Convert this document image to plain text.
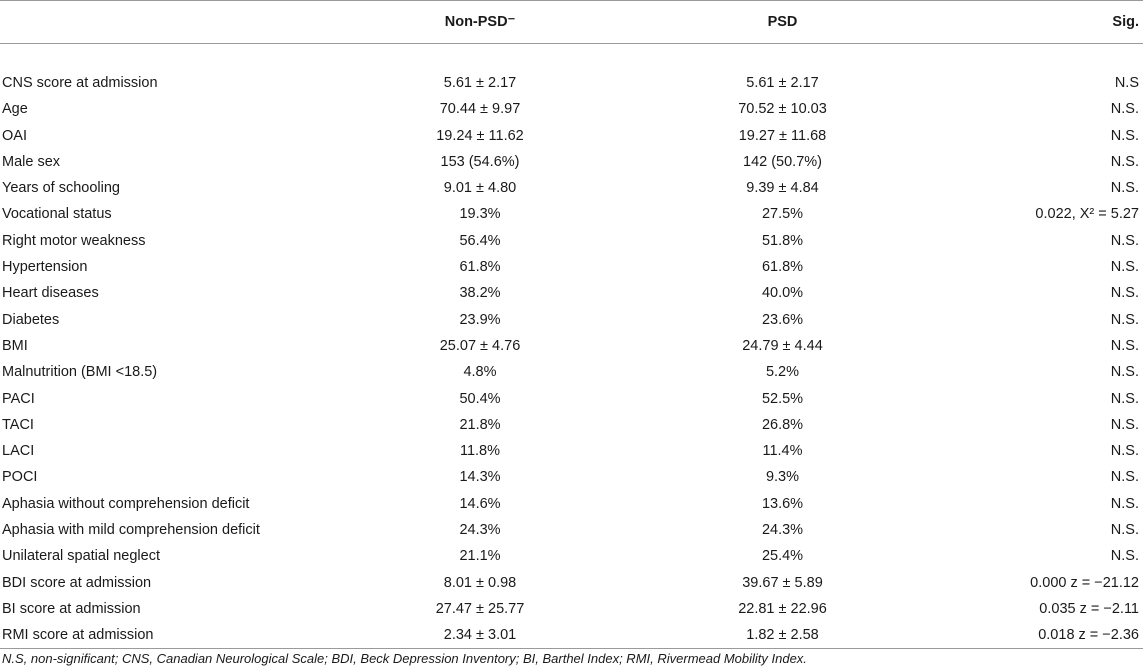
	Non-PSD⁻	PSD	Sig.

CNS score at admission	5.61 ± 2.17	5.61 ± 2.17	N.S
Age	70.44 ± 9.97	70.52 ± 10.03	N.S.
OAI	19.24 ± 11.62	19.27 ± 11.68	N.S.
Male sex	153 (54.6%)	142 (50.7%)	N.S.
Years of schooling	9.01 ± 4.80	9.39 ± 4.84	N.S.
Vocational status	19.3%	27.5%	0.022, X² = 5.27
Right motor weakness	56.4%	51.8%	N.S.
Hypertension	61.8%	61.8%	N.S.
Heart diseases	38.2%	40.0%	N.S.
Diabetes	23.9%	23.6%	N.S.
BMI	25.07 ± 4.76	24.79 ± 4.44	N.S.
Malnutrition (BMI <18.5)	4.8%	5.2%	N.S.
PACI	50.4%	52.5%	N.S.
TACI	21.8%	26.8%	N.S.
LACI	11.8%	11.4%	N.S.
POCI	14.3%	9.3%	N.S.
Aphasia without comprehension deficit	14.6%	13.6%	N.S.
Aphasia with mild comprehension deficit	24.3%	24.3%	N.S.
Unilateral spatial neglect	21.1%	25.4%	N.S.
BDI score at admission	8.01 ± 0.98	39.67 ± 5.89	0.000 z = −21.12
BI score at admission	27.47 ± 25.77	22.81 ± 22.96	0.035 z = −2.11
RMI score at admission	2.34 ± 3.01	1.82 ± 2.58	0.018 z = −2.36
N.S, non-significant; CNS, Canadian Neurological Scale; BDI, Beck Depression Inventory; BI, Barthel Index; RMI, Rivermead Mobility Index.
